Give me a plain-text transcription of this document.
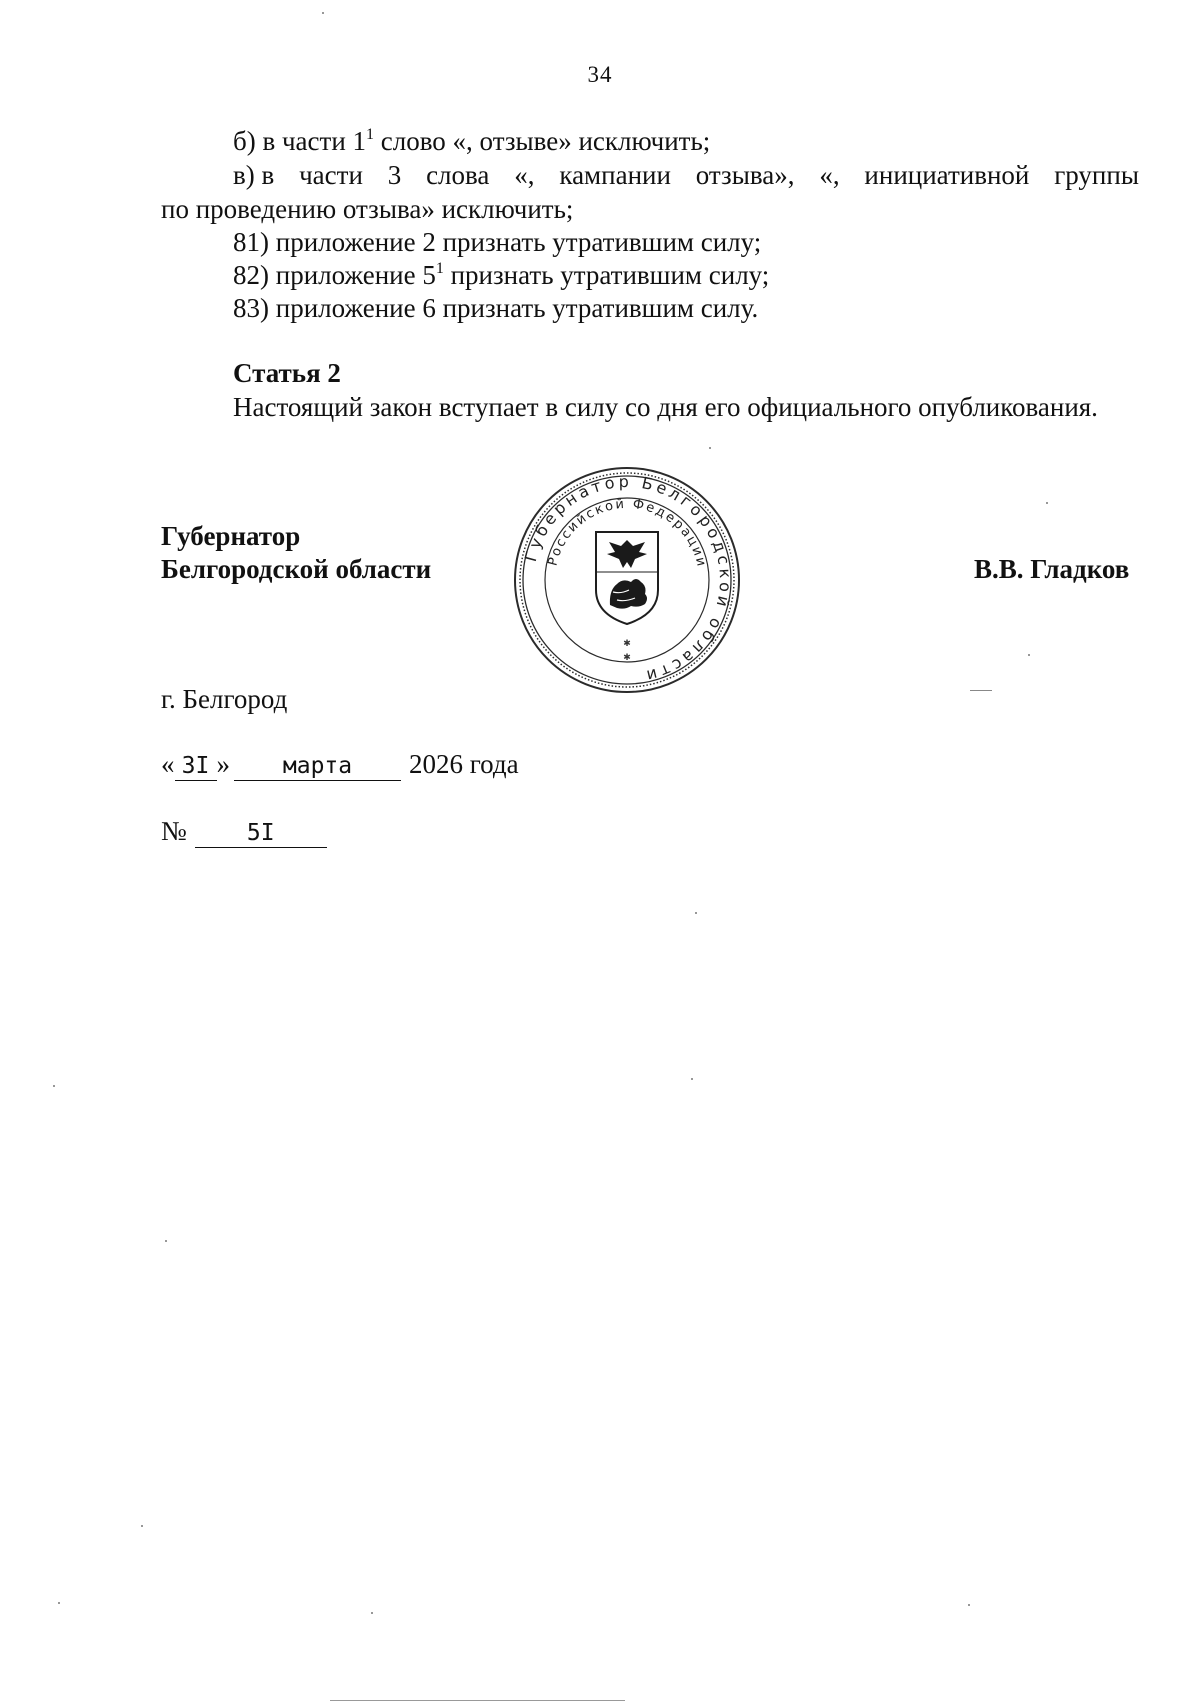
34
б) в части $1^1$ слово «, отзыве» исключить;
в) в части 3 слова «, кампании отзыва», «, инициативной группы
по проведению отзыва» исключить;
81) приложение 2 признать утратившим силу;
82) приложение $5^1$ признать утратившим силу;
83) приложение 6 признать утратившим силу.
Статья 2
Настоящий закон вступает в силу со дня его официального опубликования.
Губернатор
Белгородской области	В.В. Гладков
Губернатор Белгородской области
Российской Федерации
✱
✱
г. Белгород
« 3I » марта 2026 года
№	5I
